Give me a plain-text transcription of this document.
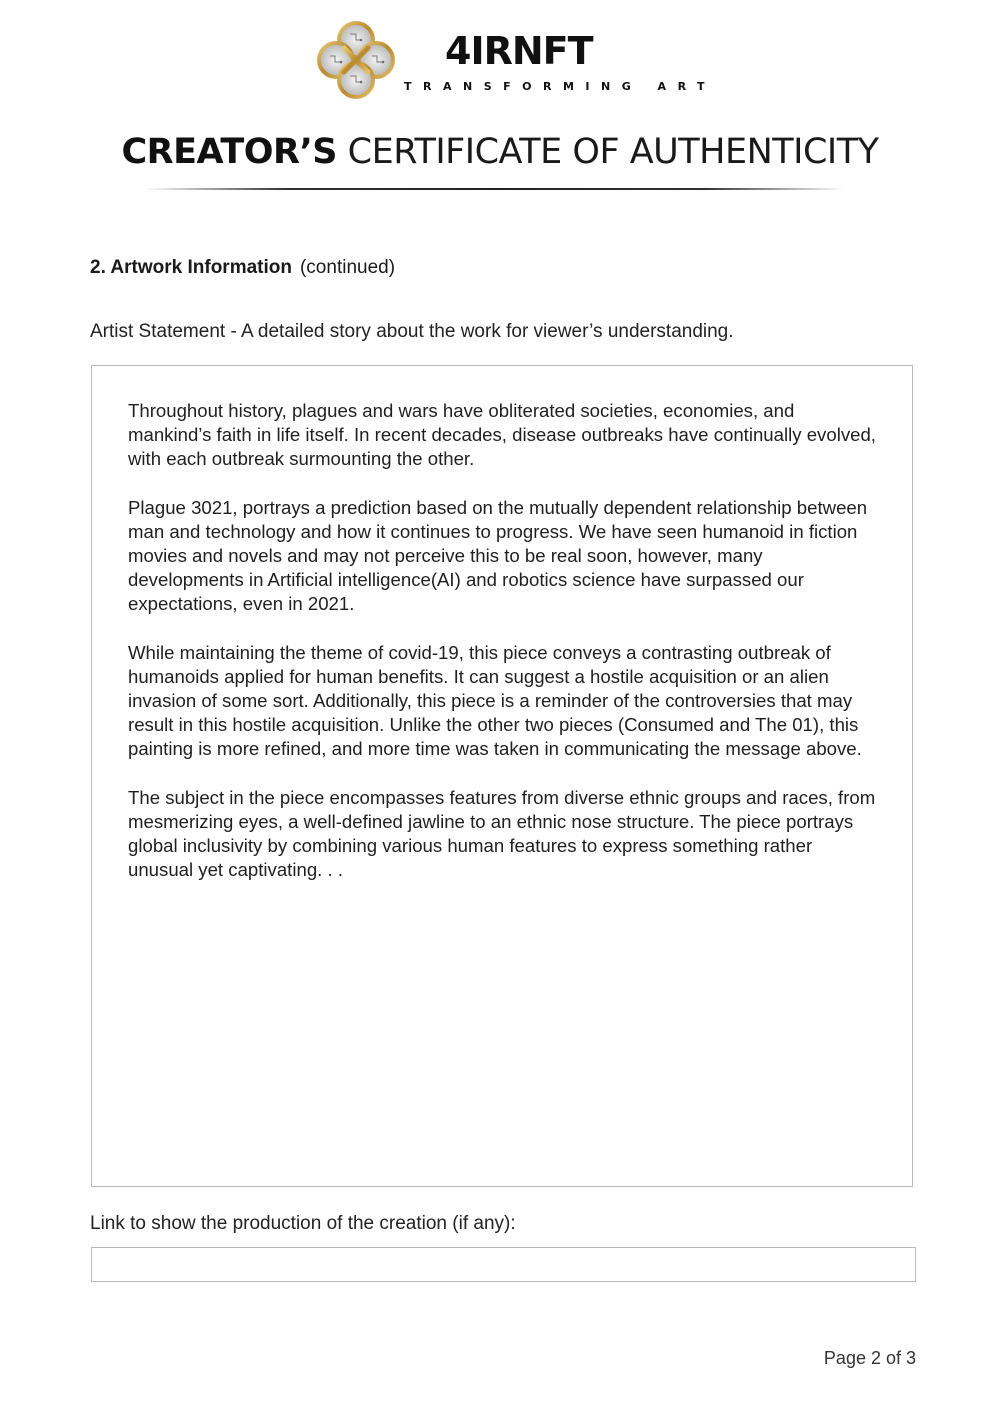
4IRNFT
TRANSFORMING ART
CREATOR’S CERTIFICATE OF AUTHENTICITY
2. Artwork Information (continued)
Artist Statement - A detailed story about the work for viewer’s understanding.

Throughout history, plagues and wars have obliterated societies, economies, and mankind’s faith in life itself. In recent decades, disease outbreaks have continually evolved, with each outbreak surmounting the other.

Plague 3021, portrays a prediction based on the mutually dependent relationship between man and technology and how it continues to progress. We have seen humanoid in fiction movies and novels and may not perceive this to be real soon, however, many developments in Artificial intelligence(AI) and robotics science have surpassed our expectations, even in 2021.

While maintaining the theme of covid-19, this piece conveys a contrasting outbreak of humanoids applied for human benefits. It can suggest a hostile acquisition or an alien invasion of some sort. Additionally, this piece is a reminder of the controversies that may result in this hostile acquisition. Unlike the other two pieces (Consumed and The 01), this painting is more refined, and more time was taken in communicating the message above.

The subject in the piece encompasses features from diverse ethnic groups and races, from mesmerizing eyes, a well-defined jawline to an ethnic nose structure. The piece portrays global inclusivity by combining various human features to express something rather unusual yet captivating. . .

Link to show the production of the creation (if any):
Page 2 of 3
